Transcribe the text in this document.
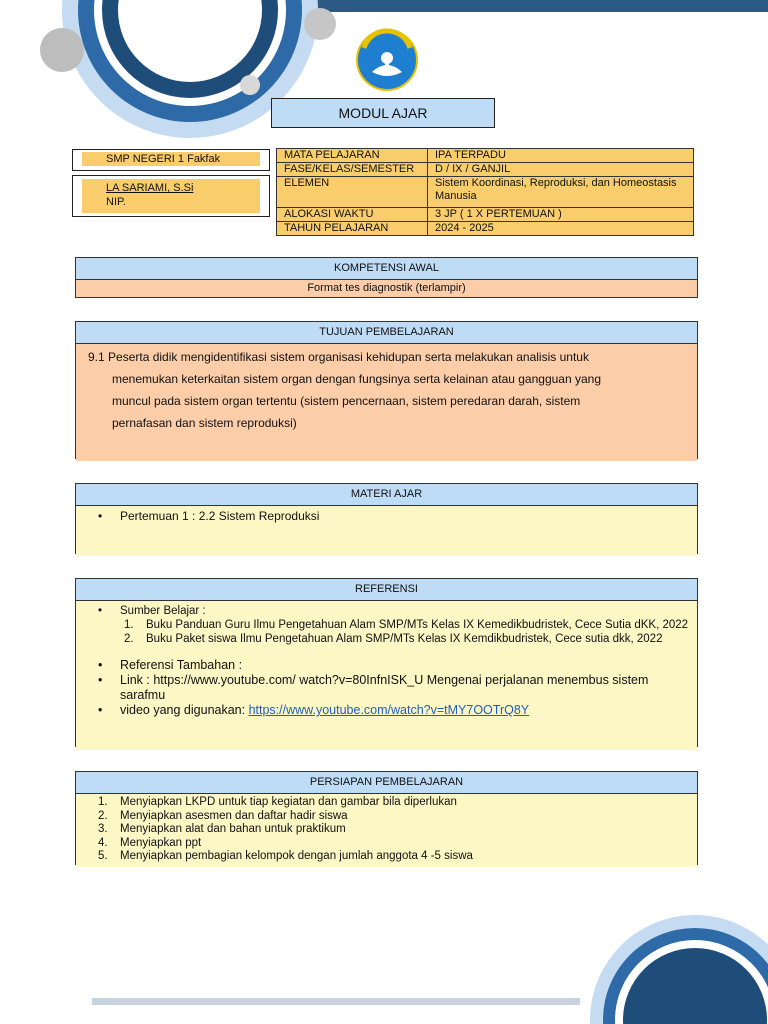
MODUL AJAR
SMP NEGERI 1 Fakfak
LA SARIAMI, S.Si
NIP.
MATA PELAJARAN	IPA TERPADU
FASE/KELAS/SEMESTER	D / IX / GANJIL
ELEMEN	Sistem Koordinasi, Reproduksi, dan Homeostasis Manusia
ALOKASI WAKTU	3 JP ( 1 X PERTEMUAN )
TAHUN PELAJARAN	2024 - 2025
KOMPETENSI AWAL
Format tes diagnostik (terlampir)
TUJUAN PEMBELAJARAN
9.1 Peserta didik mengidentifikasi sistem organisasi kehidupan serta melakukan analisis untuk
menemukan keterkaitan sistem organ dengan fungsinya serta kelainan atau gangguan yang
muncul pada sistem organ tertentu (sistem pencernaan, sistem peredaran darah, sistem
pernafasan dan sistem reproduksi)
MATERI AJAR
• Pertemuan 1 : 2.2 Sistem Reproduksi
REFERENSI
• Sumber Belajar :
1. Buku Panduan Guru Ilmu Pengetahuan Alam SMP/MTs Kelas IX Kemedikbudristek, Cece Sutia dKK, 2022
2. Buku Paket siswa Ilmu Pengetahuan Alam SMP/MTs Kelas IX Kemdikbudristek, Cece sutia dkk, 2022
• Referensi Tambahan :
• Link : https://www.youtube.com/ watch?v=80InfnISK_U Mengenai perjalanan menembus sistem sarafmu
• video yang digunakan: https://www.youtube.com/watch?v=tMY7OOTrQ8Y
PERSIAPAN PEMBELAJARAN
1. Menyiapkan LKPD untuk tiap kegiatan dan gambar bila diperlukan
2. Menyiapkan asesmen dan daftar hadir siswa
3. Menyiapkan alat dan bahan untuk praktikum
4. Menyiapkan ppt
5. Menyiapkan pembagian kelompok dengan jumlah anggota 4 -5 siswa
